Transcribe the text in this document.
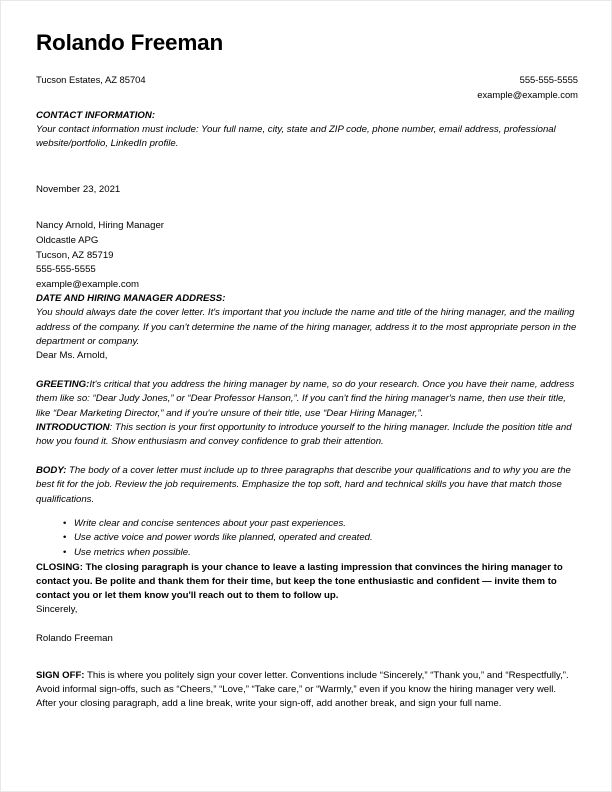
Rolando Freeman
Tucson Estates, AZ 85704	555-555-5555
example@example.com
CONTACT INFORMATION:

Your contact information must include: Your full name, city, state and ZIP code, phone number, email address, professional website/portfolio, LinkedIn profile.

November 23, 2021
Nancy Arnold, Hiring Manager
Oldcastle APG
Tucson, AZ 85719
555-555-5555
example@example.com
DATE AND HIRING MANAGER ADDRESS:

You should always date the cover letter. It's important that you include the name and title of the hiring manager, and the mailing address of the company. If you can't determine the name of the hiring manager, address it to the most appropriate person in the department or company.

Dear Ms. Arnold,

GREETING:It's critical that you address the hiring manager by name, so do your research. Once you have their name, address them like so: “Dear Judy Jones,” or “Dear Professor Hanson,”. If you can't find the hiring manager's name, then use their title, like “Dear Marketing Director,” and if you're unsure of their title, use “Dear Hiring Manager,”.

INTRODUCTION: This section is your first opportunity to introduce yourself to the hiring manager. Include the position title and how you found it. Show enthusiasm and convey confidence to grab their attention.

BODY: The body of a cover letter must include up to three paragraphs that describe your qualifications and to why you are the best fit for the job. Review the job requirements. Emphasize the top soft, hard and technical skills you have that match those qualifications.

• Write clear and concise sentences about your past experiences.
• Use active voice and power words like planned, operated and created.
• Use metrics when possible.

CLOSING: The closing paragraph is your chance to leave a lasting impression that convinces the hiring manager to contact you. Be polite and thank them for their time, but keep the tone enthusiastic and confident — invite them to contact you or let them know you'll reach out to them to follow up.

Sincerely,
Rolando Freeman

SIGN OFF: This is where you politely sign your cover letter. Conventions include “Sincerely,” “Thank you,” and “Respectfully,”. Avoid informal sign-offs, such as “Cheers,” “Love,” “Take care,” or “Warmly,” even if you know the hiring manager very well. After your closing paragraph, add a line break, write your sign-off, add another break, and sign your full name.
